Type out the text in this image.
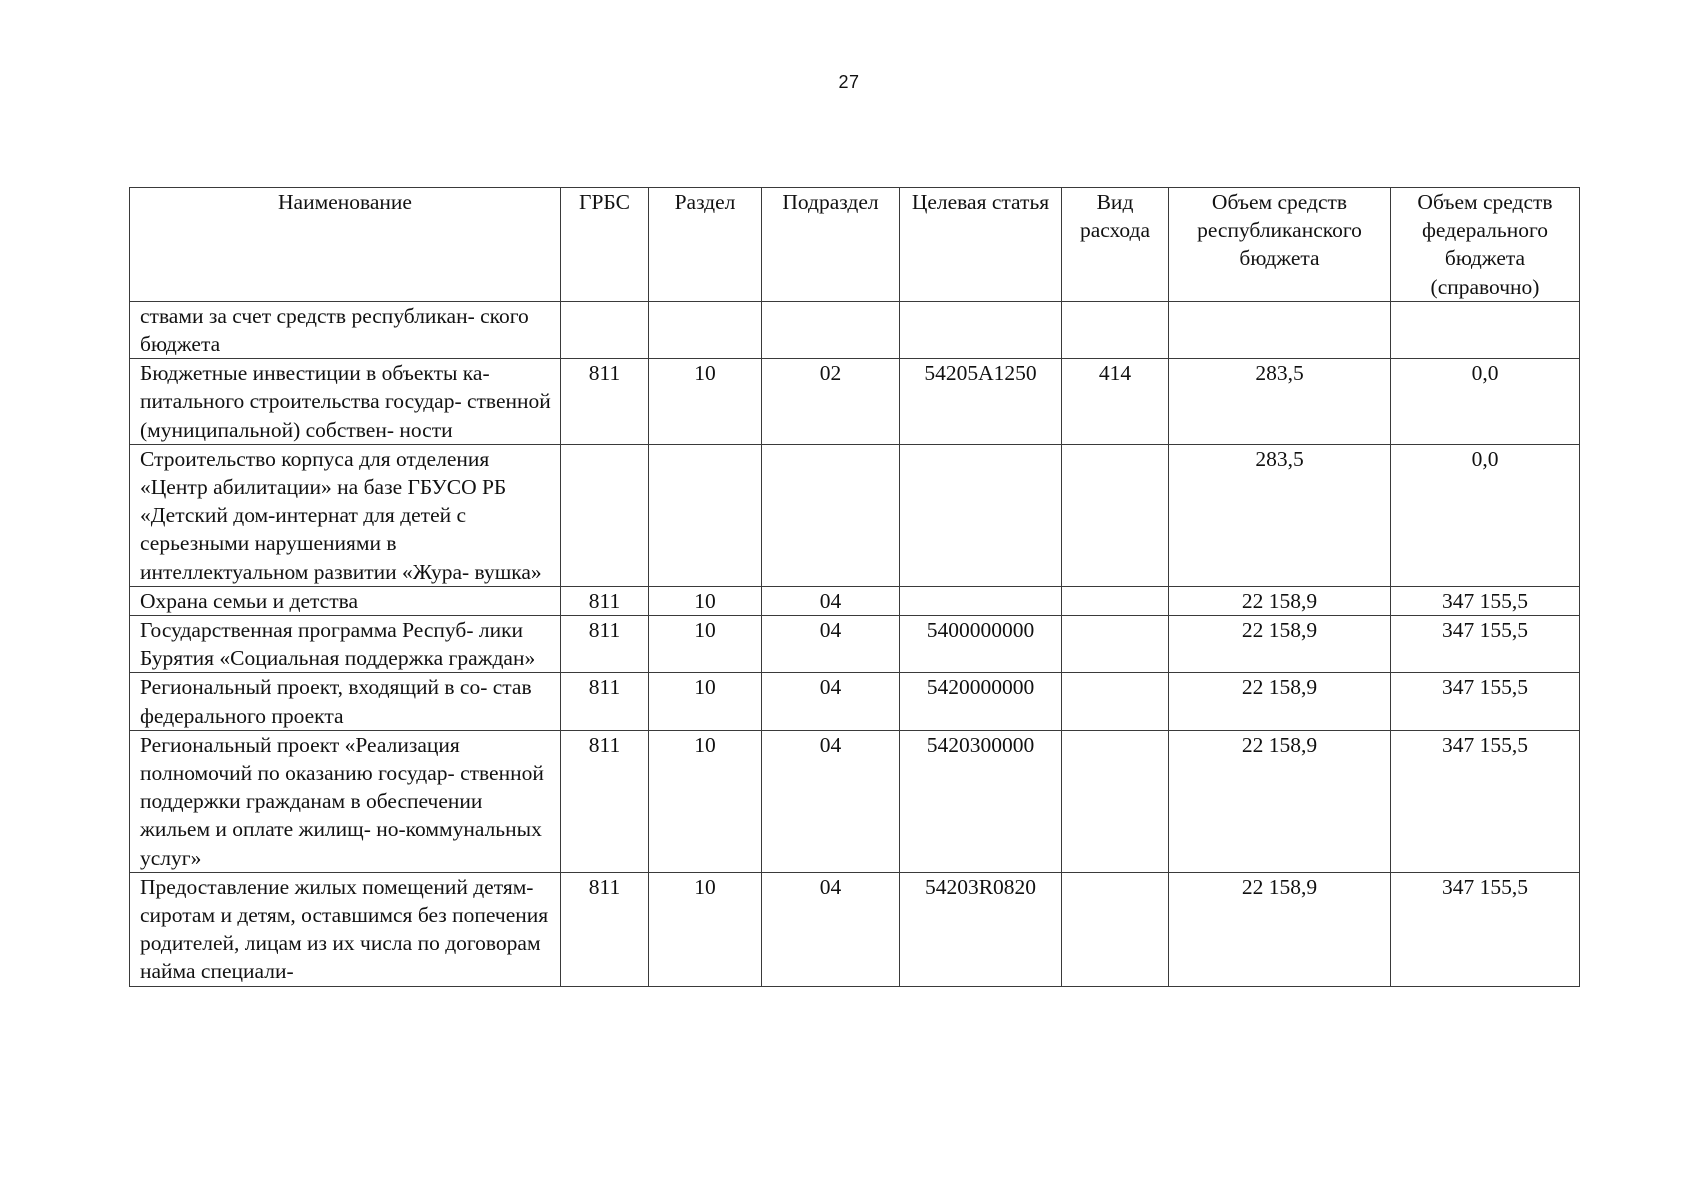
27
Наименование	ГРБС	Раздел	Подраздел	Целевая статья	Вид расхода	Объем средств республиканского бюджета	Объем средств федерального бюджета (справочно)
ствами за счет средств республикан- ского бюджета							
Бюджетные инвестиции в объекты ка- питального строительства государ- ственной (муниципальной) собствен- ности	811	10	02	54205А1250	414	283,5	0,0
Строительство корпуса для отделения «Центр абилитации» на базе ГБУСО РБ «Детский дом-интернат для детей с серьезными нарушениями в интеллектуальном развитии «Жура- вушка»						283,5	0,0
Охрана семьи и детства	811	10	04			22 158,9	347 155,5
Государственная программа Респуб- лики Бурятия «Социальная поддержка граждан»	811	10	04	5400000000		22 158,9	347 155,5
Региональный проект, входящий в со- став федерального проекта	811	10	04	5420000000		22 158,9	347 155,5
Региональный проект «Реализация полномочий по оказанию государ- ственной поддержки гражданам в обеспечении жильем и оплате жилищ- но-коммунальных услуг»	811	10	04	5420300000		22 158,9	347 155,5
Предоставление жилых помещений детям-сиротам и детям, оставшимся без попечения родителей, лицам из их числа по договорам найма специали-	811	10	04	54203R0820		22 158,9	347 155,5
